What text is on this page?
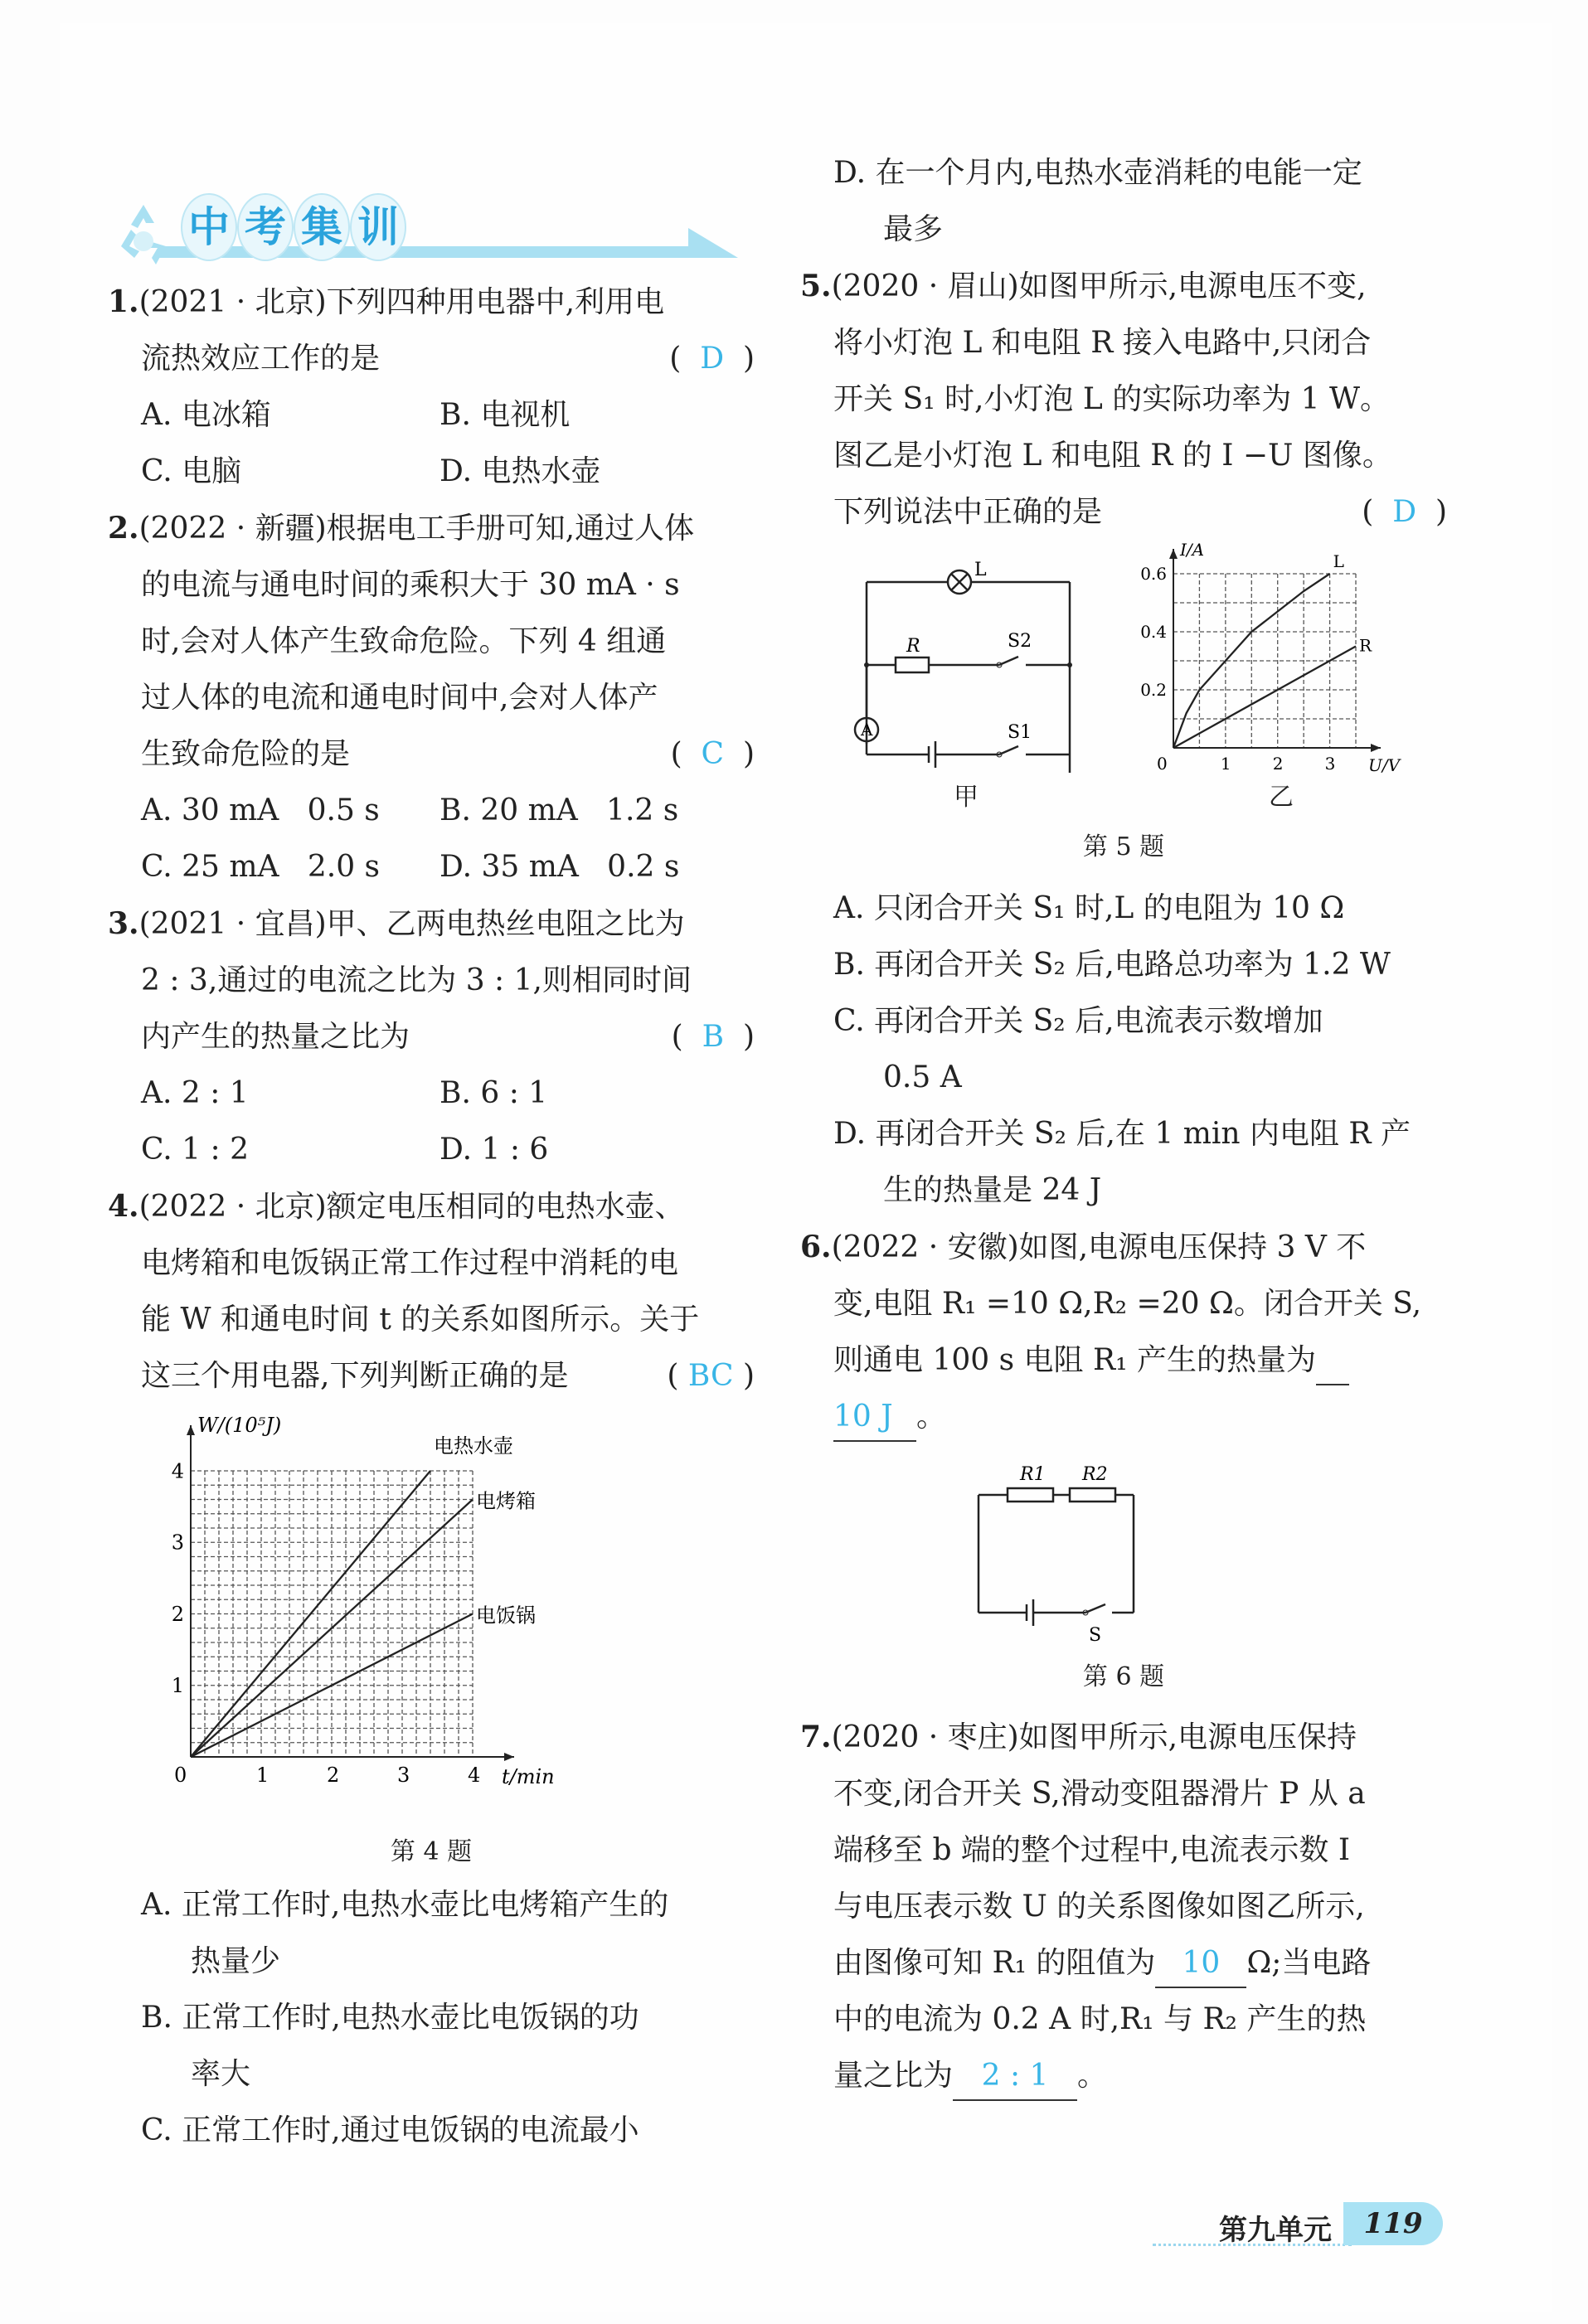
中 考 集 训
1.(2021 · 北京)下列四种用电器中,利用电
流热效应工作的是	(  D  )
A. 电冰箱	B. 电视机
C. 电脑	D. 电热水壶
2.(2022 · 新疆)根据电工手册可知,通过人体
的电流与通电时间的乘积大于 30 mA · s
时,会对人体产生致命危险。下列 4 组通
过人体的电流和通电时间中,会对人体产
生致命危险的是	(  C  )
A. 30 mA   0.5 s	B. 20 mA   1.2 s
C. 25 mA   2.0 s	D. 35 mA   0.2 s
3.(2021 · 宜昌)甲、乙两电热丝电阻之比为
2 : 3,通过的电流之比为 3 : 1,则相同时间
内产生的热量之比为	(  B  )
A. 2 : 1	B. 6 : 1
C. 1 : 2	D. 1 : 6
4.(2022 · 北京)额定电压相同的电热水壶、
电烤箱和电饭锅正常工作过程中消耗的电
能 W 和通电时间 t 的关系如图所示。关于
这三个用电器,下列判断正确的是	( BC )
电热水壶
电烤箱
电饭锅
0	1	2	3	4
1
2
3
4
t/min
W/(10⁵J)
第 4 题
A. 正常工作时,电热水壶比电烤箱产生的
热量少
B. 正常工作时,电热水壶比电饭锅的功
率大
C. 正常工作时,通过电饭锅的电流最小
D. 在一个月内,电热水壶消耗的电能一定
最多
5.(2020 · 眉山)如图甲所示,电源电压不变,
将小灯泡 L 和电阻 R 接入电路中,只闭合
开关 S₁ 时,小灯泡 L 的实际功率为 1 W。
图乙是小灯泡 L 和电阻 R 的 I −U 图像。
下列说法中正确的是	(  D  )
L
R	S2
S1
A
L
R
0	1	2	3
0.2
0.4
0.6
U/V
I/A
甲	乙
第 5 题
A. 只闭合开关 S₁ 时,L 的电阻为 10 Ω
B. 再闭合开关 S₂ 后,电路总功率为 1.2 W
C. 再闭合开关 S₂ 后,电流表示数增加
0.5 A
D. 再闭合开关 S₂ 后,在 1 min 内电阻 R 产
生的热量是 24 J
6.(2022 · 安徽)如图,电源电压保持 3 V 不
变,电阻 R₁ =10 Ω,R₂ =20 Ω。闭合开关 S,
则通电 100 s 电阻 R₁ 产生的热量为
10 J 。
R1 R2
S
第 6 题
7.(2020 · 枣庄)如图甲所示,电源电压保持
不变,闭合开关 S,滑动变阻器滑片 P 从 a
端移至 b 端的整个过程中,电流表示数 I
与电压表示数 U 的关系图像如图乙所示,
由图像可知 R₁ 的阻值为 10 Ω;当电路
中的电流为 0.2 A 时,R₁ 与 R₂ 产生的热
量之比为 2 : 1 。
第九单元	119
